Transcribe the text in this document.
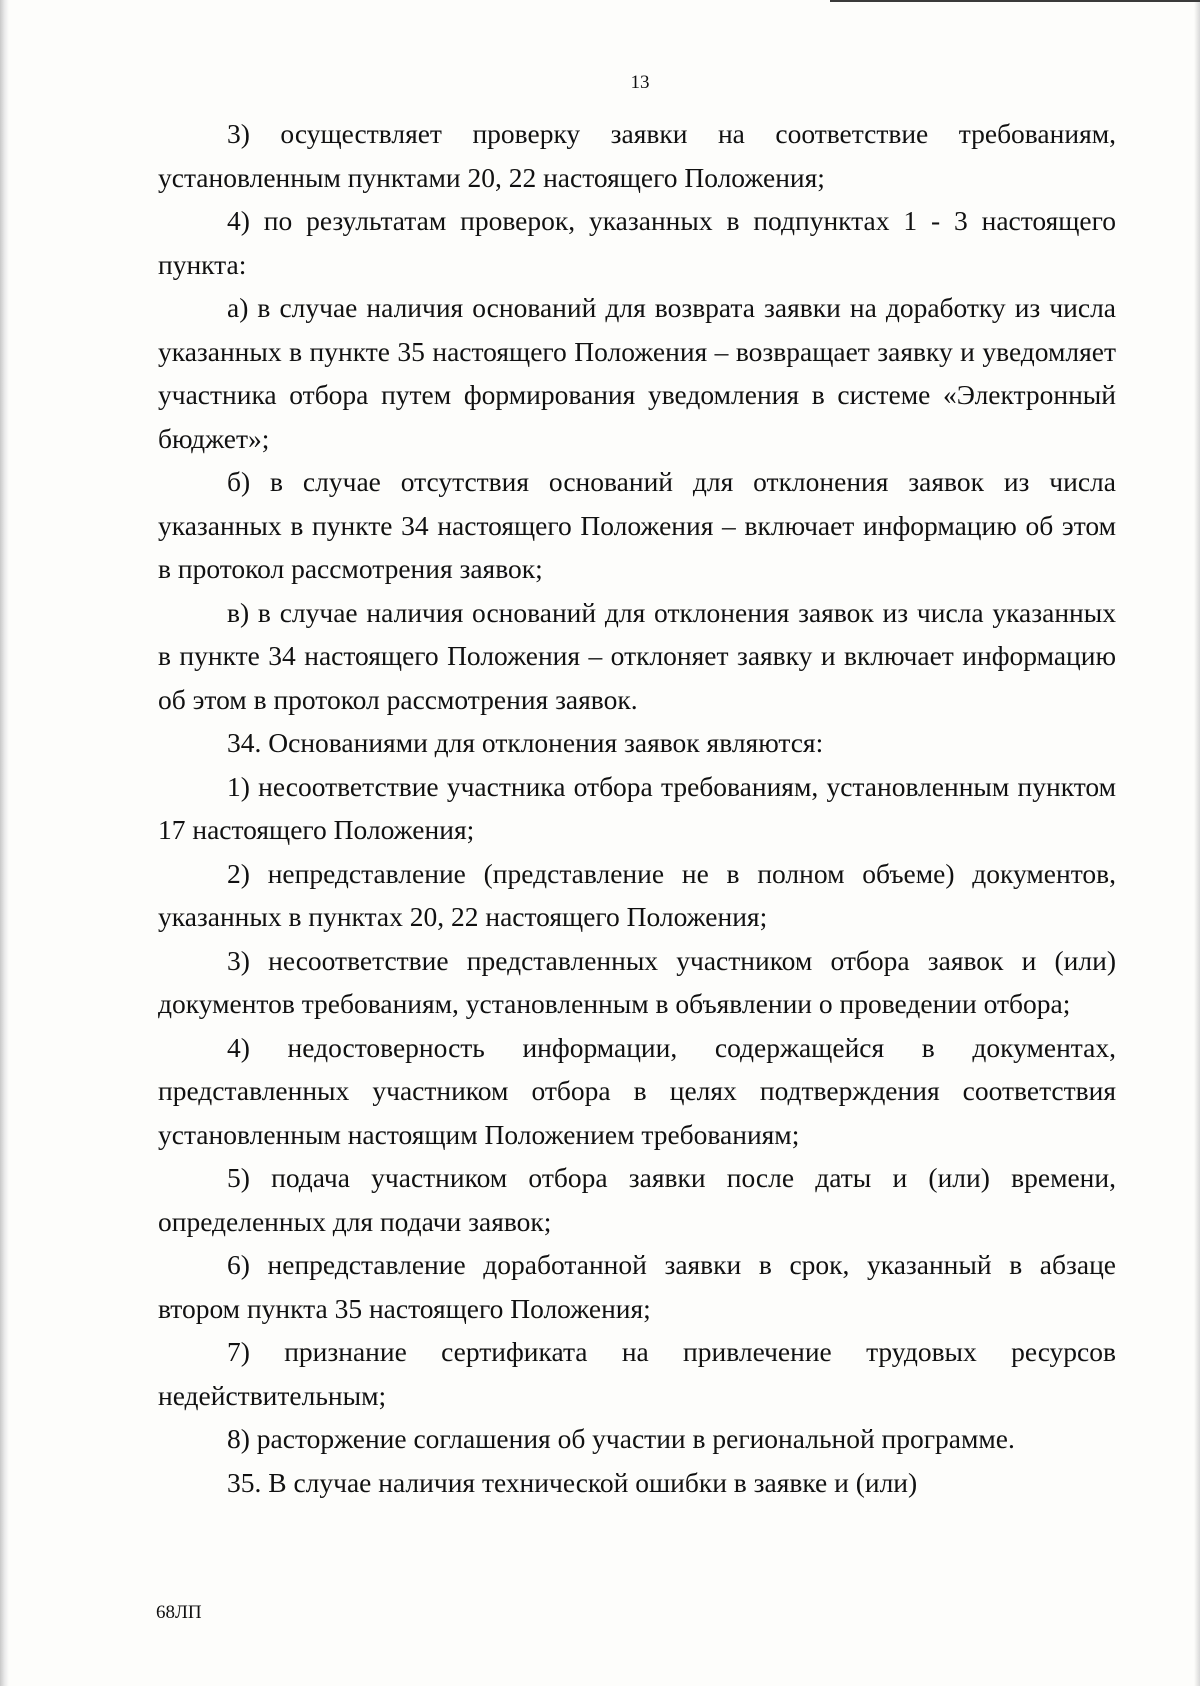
13

3) осуществляет проверку заявки на соответствие требованиям, установленным пунктами 20, 22 настоящего Положения;

4) по результатам проверок, указанных в подпунктах 1 - 3 настоящего пункта:

а) в случае наличия оснований для возврата заявки на доработку из числа указанных в пункте 35 настоящего Положения – возвращает заявку и уведомляет участника отбора путем формирования уведомления в системе «Электронный бюджет»;

б) в случае отсутствия оснований для отклонения заявок из числа указанных в пункте 34 настоящего Положения – включает информацию об этом в протокол рассмотрения заявок;

в) в случае наличия оснований для отклонения заявок из числа указанных в пункте 34 настоящего Положения – отклоняет заявку и включает информацию об этом в протокол рассмотрения заявок.

34. Основаниями для отклонения заявок являются:

1) несоответствие участника отбора требованиям, установленным пунктом 17 настоящего Положения;

2) непредставление (представление не в полном объеме) документов, указанных в пунктах 20, 22 настоящего Положения;

3) несоответствие представленных участником отбора заявок и (или) документов требованиям, установленным в объявлении о проведении отбора;

4) недостоверность информации, содержащейся в документах, представленных участником отбора в целях подтверждения соответствия установленным настоящим Положением требованиям;

5) подача участником отбора заявки после даты и (или) времени, определенных для подачи заявок;

6) непредставление доработанной заявки в срок, указанный в абзаце втором пункта 35 настоящего Положения;

7) признание сертификата на привлечение трудовых ресурсов недействительным;

8) расторжение соглашения об участии в региональной программе.

35. В случае наличия технической ошибки в заявке и (или)

68ЛП
